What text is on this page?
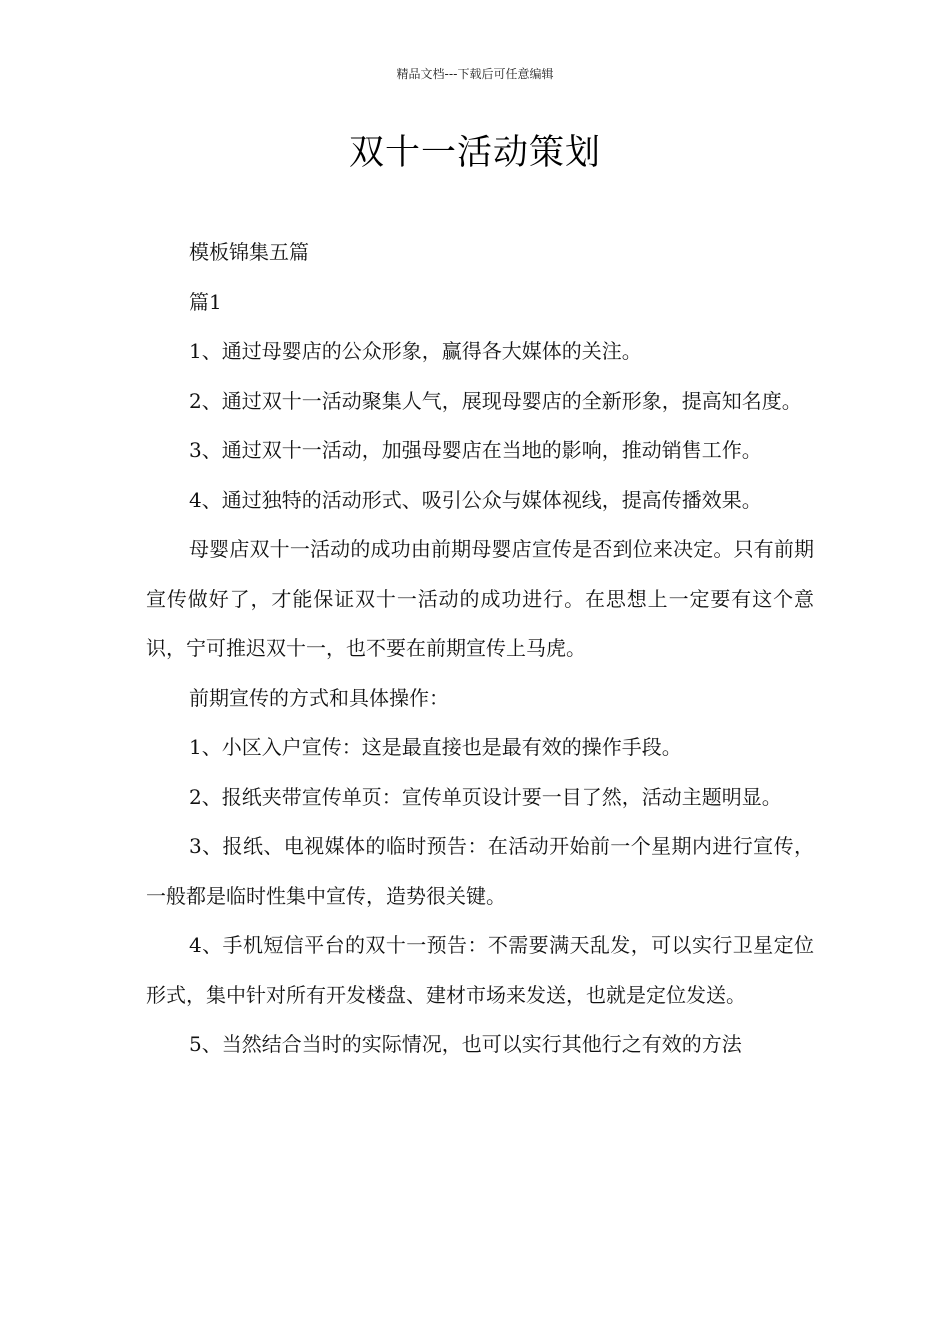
精品文档---下载后可任意编辑
双十一活动策划

模板锦集五篇

篇1

1、通过母婴店的公众形象，赢得各大媒体的关注。

2、通过双十一活动聚集人气，展现母婴店的全新形象，提高知名度。

3、通过双十一活动，加强母婴店在当地的影响，推动销售工作。

4、通过独特的活动形式、吸引公众与媒体视线，提高传播效果。

母婴店双十一活动的成功由前期母婴店宣传是否到位来决定。只有前期宣传做好了，才能保证双十一活动的成功进行。在思想上一定要有这个意识，宁可推迟双十一，也不要在前期宣传上马虎。

前期宣传的方式和具体操作：

1、小区入户宣传：这是最直接也是最有效的操作手段。

2、报纸夹带宣传单页：宣传单页设计要一目了然，活动主题明显。

3、报纸、电视媒体的临时预告：在活动开始前一个星期内进行宣传，一般都是临时性集中宣传，造势很关键。

4、手机短信平台的双十一预告：不需要满天乱发，可以实行卫星定位形式，集中针对所有开发楼盘、建材市场来发送，也就是定位发送。

5、当然结合当时的实际情况，也可以实行其他行之有效的方法
